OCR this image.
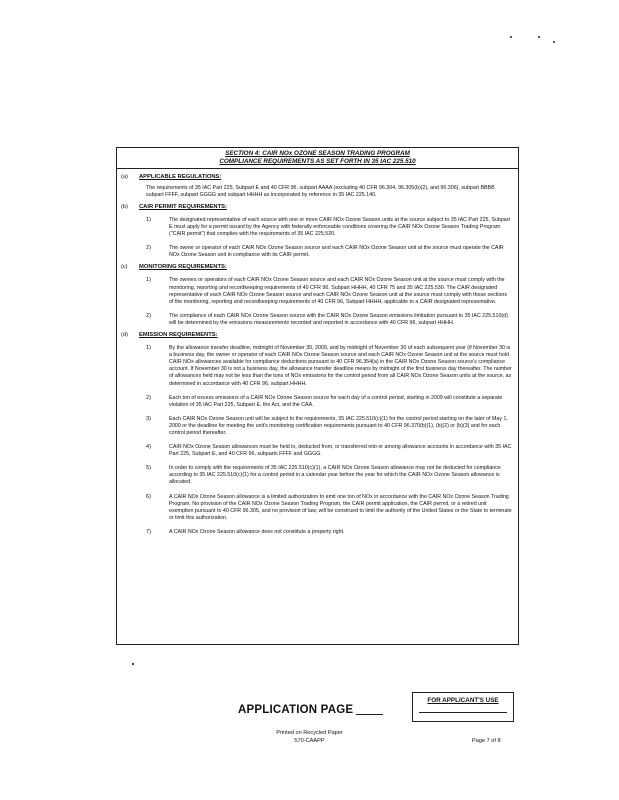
SECTION 4: CAIR NOx OZONE SEASON TRADING PROGRAM
COMPLIANCE REQUIREMENTS AS SET FORTH IN 35 IAC 225.510
(a)	APPLICABLE REGULATIONS:
The requirements of 35 IAC Part 225, Subpart E and 40 CFR 96, subpart AAAA (excluding 40 CFR 96.304, 96.305(b)(2), and 96.306), subpart BBBB subpart FFFF, subpart GGGG and subpart HHHH as incorporated by reference in 35 IAC 225.140.
(b)	CAIR PERMIT REQUIREMENTS:
1)	The designated representative of each source with one or more CAIR NOx Ozone Season units at the source subject to 35 IAC Part 225, Subpart E must apply for a permit issued by the Agency with federally enforceable conditions covering the CAIR NOx Ozone Season Trading Program ("CAIR permit") that complies with the requirements of 35 IAC 225.520.
2)	The owner or operator of each CAIR NOx Ozone Season source and each CAIR NOx Ozone Season unit at the source must operate the CAIR NOx Ozone Season unit in compliance with its CAIR permit.
(c)	MONITORING REQUIREMENTS:
1)	The owners or operators of each CAIR NOx Ozone Season source and each CAIR NOx Ozone Season unit at the source must comply with the monitoring, reporting and recordkeeping requirements of 40 CFR 96, Subpart HHHH, 40 CFR 75 and 35 IAC 225.530. The CAIR designated representative of each CAIR NOx Ozone Season source and each CAIR NOx Ozone Season unit at the source must comply with those sections of the monitoring, reporting and recordkeeping requirements of 40 CFR 96, Subpart HHHH, applicable to a CAIR designated representative.
2)	The compliance of each CAIR NOx Ozone Season source with the CAIR NOx Ozone Season emissions limitation pursuant to 35 IAC 225.510(d) will be determined by the emissions measurements recorded and reported in accordance with 40 CFR 96, subpart HHHH.
(d)	EMISSION REQUIREMENTS:
1)	By the allowance transfer deadline, midnight of November 30, 2009, and by midnight of November 30 of each subsequent year (if November 30 is a business day, the owner or operator of each CAIR NOx Ozone Season source and each CAIR NOx Ozone Season unit at the source must hold CAIR NOx allowances available for compliance deductions pursuant to 40 CFR 96.354(a) in the CAIR NOx Ozone Season source's compliance account. If November 30 is not a business day, the allowance transfer deadline means by midnight of the first business day thereafter. The number of allowances held may not be less than the tons of NOx emissions for the control period from all CAIR NOx Ozone Season units at the source, as determined in accordance with 40 CFR 96, subpart HHHH.
2)	Each ton of excess emissions of a CAIR NOx Ozone Season source for each day of a control period, starting in 2009 will constitute a separate violation of 35 IAC Part 225, Subpart E, the Act, and the CAA.
3)	Each CAIR NOx Ozone Season unit will be subject to the requirements, 35 IAC 225.510(c)(1) for the control period starting on the later of May 1, 2009 or the deadline for meeting the unit's monitoring certification requirements pursuant to 40 CFR 96.370(b)(1), (b)(2) or (b)(3) and for each control period thereafter.
4)	CAIR NOx Ozone Season allowances must be held in, deducted from, or transferred into or among allowance accounts in accordance with 35 IAC Part 225, Subpart E, and 40 CFR 96, subparts FFFF and GGGG.
5)	In order to comply with the requirements of 35 IAC 225.510(c)(1), a CAIR NOx Ozone Season allowance may not be deducted for compliance according to 35 IAC 225.510(c)(1) for a control period in a calendar year before the year for which the CAIR NOx Ozone Season allowance is allocated.
6)	A CAIR NOx Ozone Season allowance is a limited authorization to emit one ton of NOx in accordance with the CAIR NOx Ozone Season Trading Program. No provision of the CAIR NOx Ozone Season Trading Program, the CAIR permit application, the CAIR permit, or a retired unit exemption pursuant to 40 CFR 96.305, and no provision of law, will be construed to limit the authority of the United States or the State to terminate or limit this authorization.
7)	A CAIR NOx Ozone Season allowance does not constitute a property right.
APPLICATION PAGE
FOR APPLICANT'S USE
Printed on Recycled Paper
570-CAAPP	Page 7 of 8
